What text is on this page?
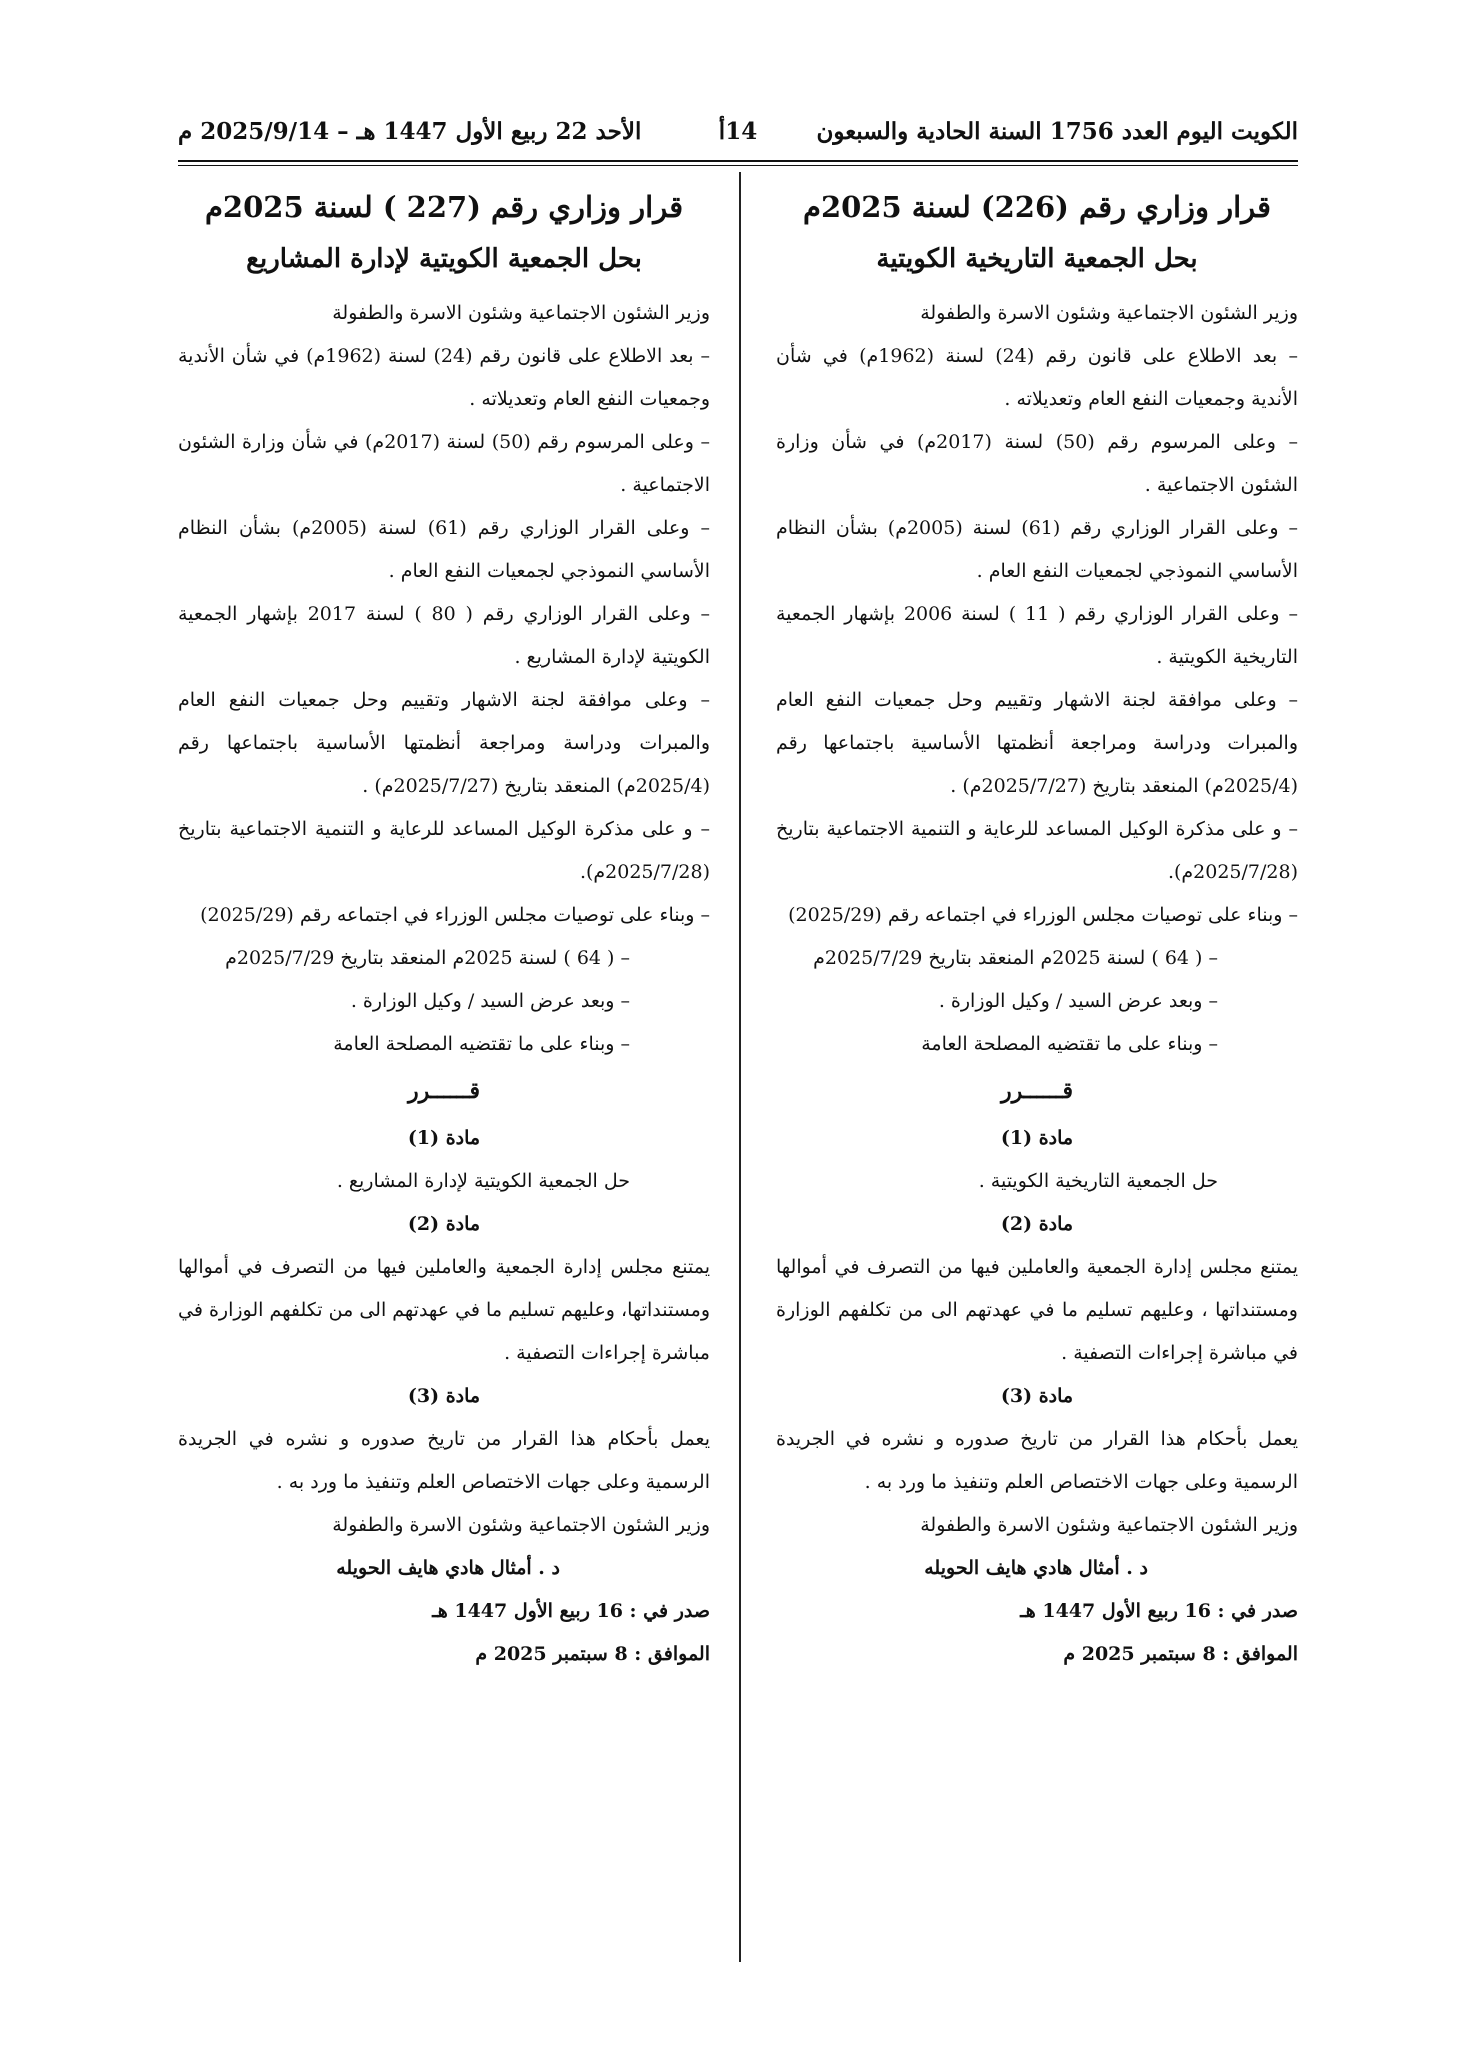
الكويت اليوم العدد 1756 السنة الحادية والسبعون
14أ
الأحد 22 ربيع الأول 1447 هـ – 2025/9/14 م
قرار وزاري رقم (226) لسنة 2025م
بحل الجمعية التاريخية الكويتية

وزير الشئون الاجتماعية وشئون الاسرة والطفولة

– بعد الاطلاع على قانون رقم (24) لسنة (1962م) في شأن الأندية وجمعيات النفع العام وتعديلاته .

– وعلى المرسوم رقم (50) لسنة (2017م) في شأن وزارة الشئون الاجتماعية .

– وعلى القرار الوزاري رقم (61) لسنة (2005م) بشأن النظام الأساسي النموذجي لجمعيات النفع العام .

– وعلى القرار الوزاري رقم ( 11 ) لسنة 2006 بإشهار الجمعية التاريخية الكويتية .

– وعلى موافقة لجنة الاشهار وتقييم وحل جمعيات النفع العام والمبرات ودراسة ومراجعة أنظمتها الأساسية باجتماعها رقم (2025/4م) المنعقد بتاريخ (2025/7/27م) .

– و على مذكرة الوكيل المساعد للرعاية و التنمية الاجتماعية بتاريخ (2025/7/28م).

– وبناء على توصيات مجلس الوزراء في اجتماعه رقم (2025/29)

– ( 64 ) لسنة 2025م المنعقد بتاريخ 2025/7/29م

– وبعد عرض السيد / وكيل الوزارة .

– وبناء على ما تقتضيه المصلحة العامة

قــــــرر

مادة (1)

حل الجمعية التاريخية الكويتية .

مادة (2)

يمتنع مجلس إدارة الجمعية والعاملين فيها من التصرف في أموالها ومستنداتها ، وعليهم تسليم ما في عهدتهم الى من تكلفهم الوزارة في مباشرة إجراءات التصفية .

مادة (3)

يعمل بأحكام هذا القرار من تاريخ صدوره و نشره في الجريدة الرسمية وعلى جهات الاختصاص العلم وتنفيذ ما ورد به .

وزير الشئون الاجتماعية وشئون الاسرة والطفولة

د . أمثال هادي هايف الحويله

صدر في : 16 ربيع الأول 1447 هـ

الموافق : 8 سبتمبر 2025 م

قرار وزاري رقم (227 ) لسنة 2025م
بحل الجمعية الكويتية لإدارة المشاريع

وزير الشئون الاجتماعية وشئون الاسرة والطفولة

– بعد الاطلاع على قانون رقم (24) لسنة (1962م) في شأن الأندية وجمعيات النفع العام وتعديلاته .

– وعلى المرسوم رقم (50) لسنة (2017م) في شأن وزارة الشئون الاجتماعية .

– وعلى القرار الوزاري رقم (61) لسنة (2005م) بشأن النظام الأساسي النموذجي لجمعيات النفع العام .

– وعلى القرار الوزاري رقم ( 80 ) لسنة 2017 بإشهار الجمعية الكويتية لإدارة المشاريع .

– وعلى موافقة لجنة الاشهار وتقييم وحل جمعيات النفع العام والمبرات ودراسة ومراجعة أنظمتها الأساسية باجتماعها رقم (2025/4م) المنعقد بتاريخ (2025/7/27م) .

– و على مذكرة الوكيل المساعد للرعاية و التنمية الاجتماعية بتاريخ (2025/7/28م).

– وبناء على توصيات مجلس الوزراء في اجتماعه رقم (2025/29)

– ( 64 ) لسنة 2025م المنعقد بتاريخ 2025/7/29م

– وبعد عرض السيد / وكيل الوزارة .

– وبناء على ما تقتضيه المصلحة العامة

قــــــرر

مادة (1)

حل الجمعية الكويتية لإدارة المشاريع .

مادة (2)

يمتنع مجلس إدارة الجمعية والعاملين فيها من التصرف في أموالها ومستنداتها، وعليهم تسليم ما في عهدتهم الى من تكلفهم الوزارة في مباشرة إجراءات التصفية .

مادة (3)

يعمل بأحكام هذا القرار من تاريخ صدوره و نشره في الجريدة الرسمية وعلى جهات الاختصاص العلم وتنفيذ ما ورد به .

وزير الشئون الاجتماعية وشئون الاسرة والطفولة

د . أمثال هادي هايف الحويله

صدر في : 16 ربيع الأول 1447 هـ

الموافق : 8 سبتمبر 2025 م
